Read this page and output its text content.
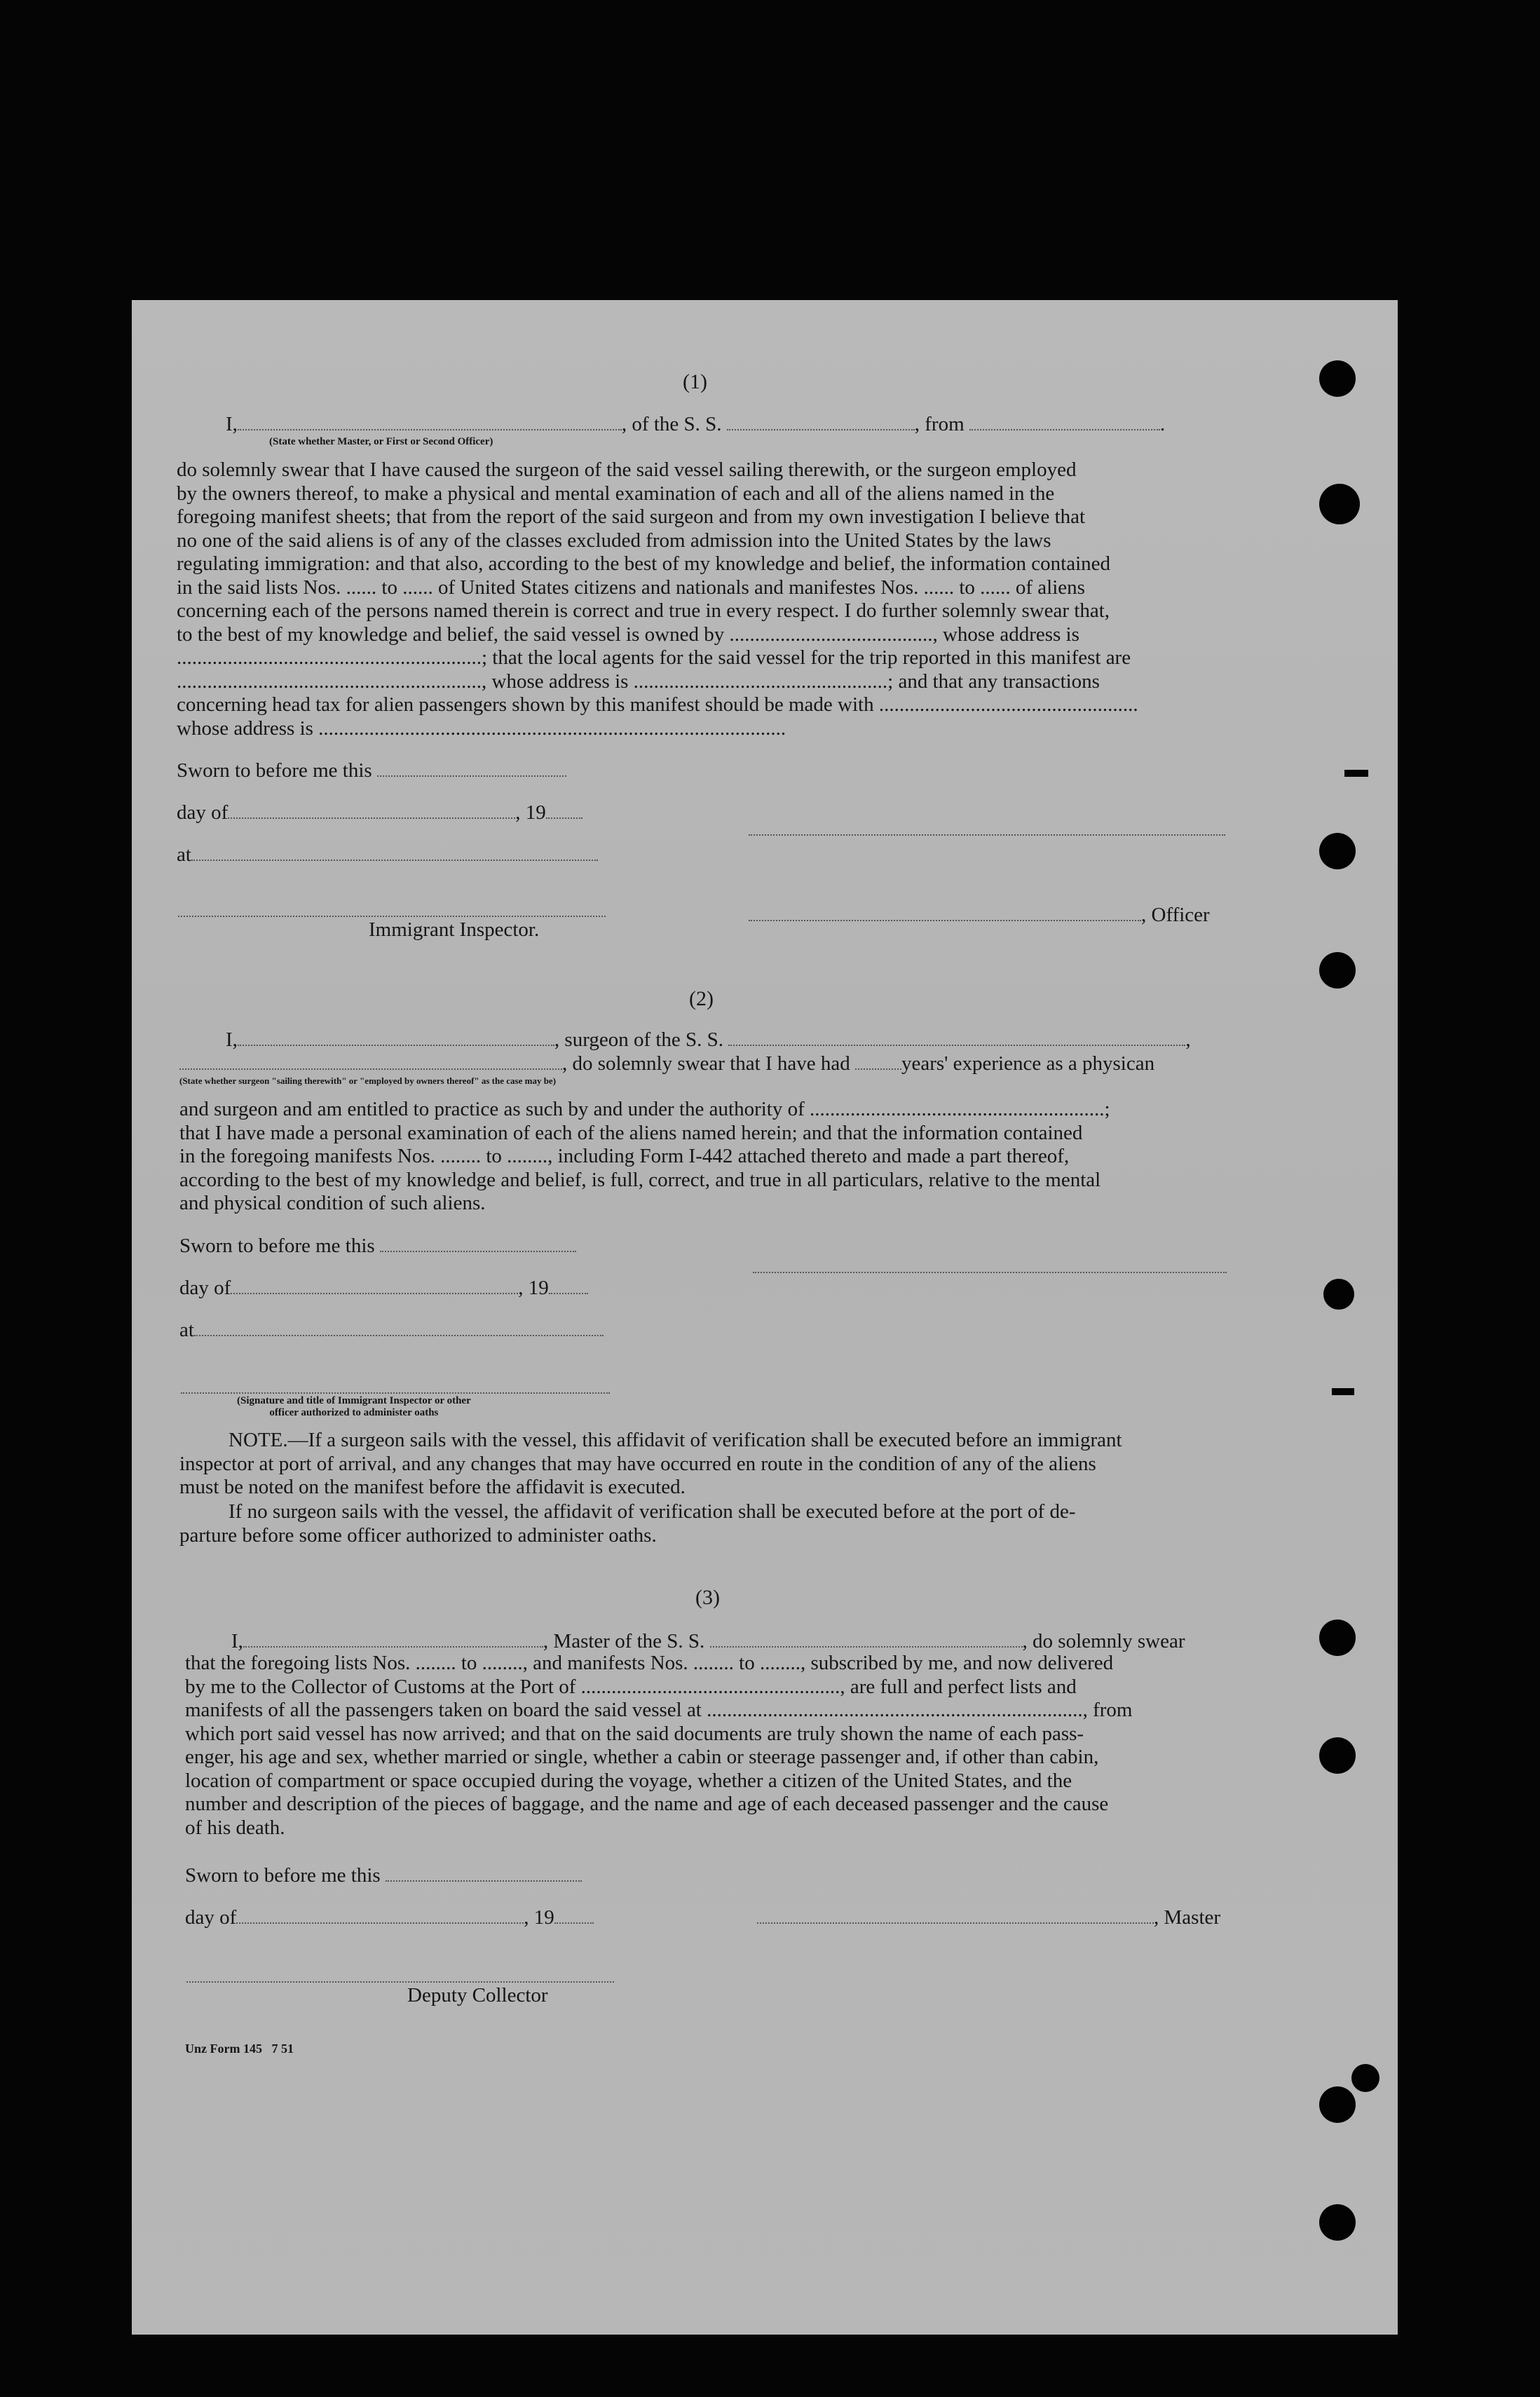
(1)
I,	, of the S. S.	, from	.
(State whether Master, or First or Second Officer)
do solemnly swear that I have caused the surgeon of the said vessel sailing therewith, or the surgeon employed
by the owners thereof, to make a physical and mental examination of each and all of the aliens named in the
foregoing manifest sheets; that from the report of the said surgeon and from my own investigation I believe that
no one of the said aliens is of any of the classes excluded from admission into the United States by the laws
regulating immigration: and that also, according to the best of my knowledge and belief, the information contained
in the said lists Nos. ...... to ...... of United States citizens and nationals and manifestes Nos. ...... to ...... of aliens
concerning each of the persons named therein is correct and true in every respect. I do further solemnly swear that,
to the best of my knowledge and belief, the said vessel is owned by ........................................, whose address is
............................................................; that the local agents for the said vessel for the trip reported in this manifest are
............................................................, whose address is ..................................................; and that any transactions
concerning head tax for alien passengers shown by this manifest should be made with ...................................................
whose address is ............................................................................................
Sworn to before me this
day of	, 19
at
, Officer
Immigrant Inspector.
(2)
I,	, surgeon of the S. S.	,
, do solemnly swear that I have had	years' experience as a physican
(State whether surgeon "sailing therewith" or "employed by owners thereof" as the case may be)
and surgeon and am entitled to practice as such by and under the authority of ..........................................................;
that I have made a personal examination of each of the aliens named herein; and that the information contained
in the foregoing manifests Nos. ........ to ........, including Form I-442 attached thereto and made a part thereof,
according to the best of my knowledge and belief, is full, correct, and true in all particulars, relative to the mental
and physical condition of such aliens.
Sworn to before me this
day of	, 19
at
(Signature and title of Immigrant Inspector or other
officer authorized to administer oaths
NOTE.—If a surgeon sails with the vessel, this affidavit of verification shall be executed before an immigrant
inspector at port of arrival, and any changes that may have occurred en route in the condition of any of the aliens
must be noted on the manifest before the affidavit is executed.
If no surgeon sails with the vessel, the affidavit of verification shall be executed before at the port of de-
parture before some officer authorized to administer oaths.
(3)
I,	, Master of the S. S.	, do solemnly swear
that the foregoing lists Nos. ........ to ........, and manifests Nos. ........ to ........, subscribed by me, and now delivered
by me to the Collector of Customs at the Port of ..................................................., are full and perfect lists and
manifests of all the passengers taken on board the said vessel at .........................................................................., from
which port said vessel has now arrived; and that on the said documents are truly shown the name of each pass-
enger, his age and sex, whether married or single, whether a cabin or steerage passenger and, if other than cabin,
location of compartment or space occupied during the voyage, whether a citizen of the United States, and the
number and description of the pieces of baggage, and the name and age of each deceased passenger and the cause
of his death.
Sworn to before me this
day of	, 19	, Master
Deputy Collector
Unz Form 145   7 51
